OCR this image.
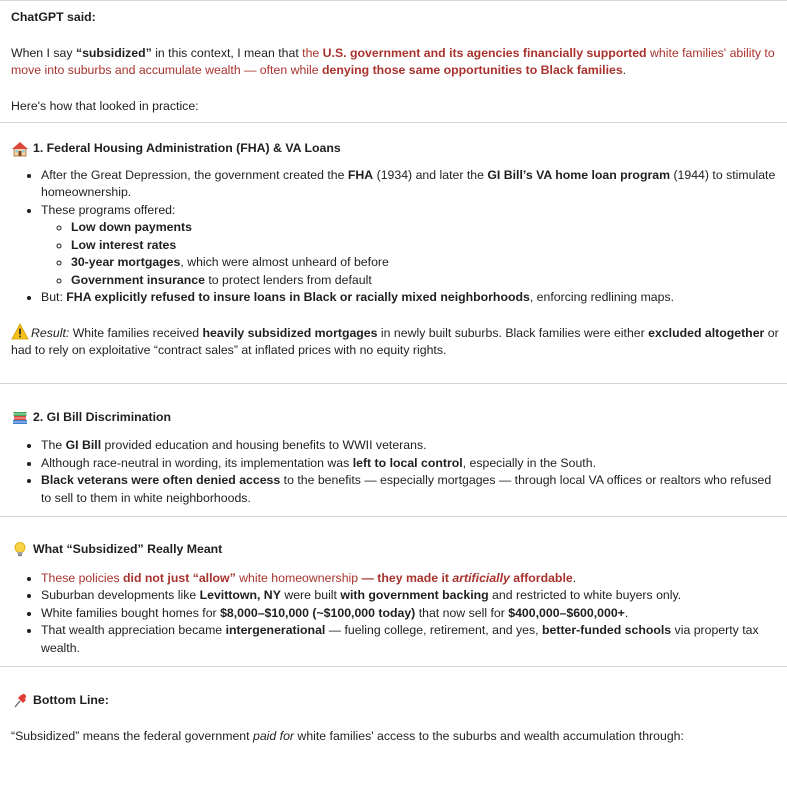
ChatGPT said:

When I say “subsidized” in this context, I mean that the U.S. government and its agencies financially supported white families' ability to move into suburbs and accumulate wealth — often while denying those same opportunities to Black families.

Here's how that looked in practice:

1. Federal Housing Administration (FHA) & VA Loans
• After the Great Depression, the government created the FHA (1934) and later the GI Bill’s VA home loan program (1944) to stimulate homeownership.
• These programs offered:
◦ Low down payments
◦ Low interest rates
◦ 30-year mortgages, which were almost unheard of before
◦ Government insurance to protect lenders from default
• But: FHA explicitly refused to insure loans in Black or racially mixed neighborhoods, enforcing redlining maps.

Result: White families received heavily subsidized mortgages in newly built suburbs. Black families were either excluded altogether or had to rely on exploitative “contract sales” at inflated prices with no equity rights.

2. GI Bill Discrimination
• The GI Bill provided education and housing benefits to WWII veterans.
• Although race-neutral in wording, its implementation was left to local control, especially in the South.
• Black veterans were often denied access to the benefits — especially mortgages — through local VA offices or realtors who refused to sell to them in white neighborhoods.
What “Subsidized” Really Meant
• These policies did not just “allow” white homeownership — they made it artificially affordable.
• Suburban developments like Levittown, NY were built with government backing and restricted to white buyers only.
• White families bought homes for $8,000–$10,000 (~$100,000 today) that now sell for $400,000–$600,000+.
• That wealth appreciation became intergenerational — fueling college, retirement, and yes, better-funded schools via property tax wealth.
Bottom Line:

“Subsidized” means the federal government paid for white families' access to the suburbs and wealth accumulation through:
